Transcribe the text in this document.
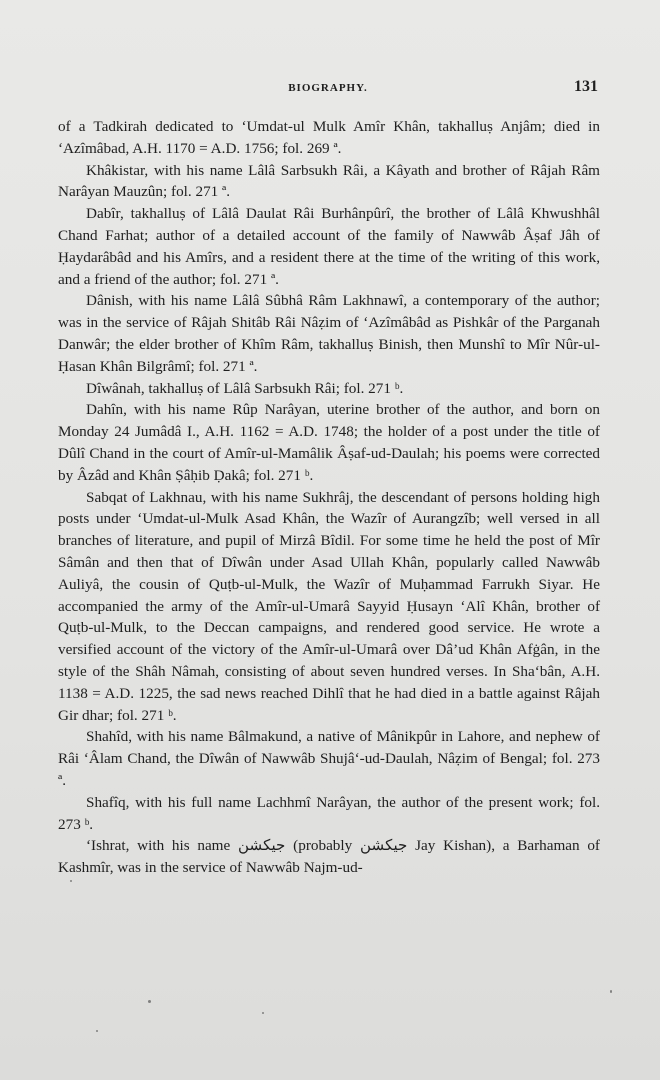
BIOGRAPHY.	131

of a Tadkirah dedicated to ‘Umdat-ul Mulk Amîr Khân, takhalluṣ Anjâm; died in ‘Azîmâbad, A.H. 1170 = A.D. 1756; fol. 269 ª.

Khâkistar, with his name Lâlâ Sarbsukh Râi, a Kâyath and brother of Râjah Râm Narâyan Mauzûn; fol. 271 ª.

Dabîr, takhalluṣ of Lâlâ Daulat Râi Burhânpûrî, the brother of Lâlâ Khwushhâl Chand Farhat; author of a detailed account of the family of Nawwâb Âṣaf Jâh of Ḥaydarâbâd and his Amîrs, and a resident there at the time of the writing of this work, and a friend of the author; fol. 271 ª.

Dânish, with his name Lâlâ Sûbhâ Râm Lakhnawî, a contemporary of the author; was in the service of Râjah Shitâb Râi Nâẓim of ‘Azîmâbâd as Pishkâr of the Parganah Danwâr; the elder brother of Khîm Râm, takhalluṣ Binish, then Munshî to Mîr Nûr-ul-Ḥasan Khân Bilgrâmî; fol. 271 ª.

Dîwânah, takhalluṣ of Lâlâ Sarbsukh Râi; fol. 271 ᵇ.

Dahîn, with his name Rûp Narâyan, uterine brother of the author, and born on Monday 24 Jumâdâ I., A.H. 1162 = A.D. 1748; the holder of a post under the title of Dûlî Chand in the court of Amîr-ul-Mamâlik Âṣaf-ud-Daulah; his poems were corrected by Âzâd and Khân Ṣâḥib Ḍakâ; fol. 271 ᵇ.

Sabqat of Lakhnau, with his name Sukhrâj, the descendant of persons holding high posts under ‘Umdat-ul-Mulk Asad Khân, the Wazîr of Aurangzîb; well versed in all branches of literature, and pupil of Mirzâ Bîdil. For some time he held the post of Mîr Sâmân and then that of Dîwân under Asad Ullah Khân, popularly called Nawwâb Auliyâ, the cousin of Quṭb-ul-Mulk, the Wazîr of Muḥammad Farrukh Siyar. He accompanied the army of the Amîr-ul-Umarâ Sayyid Ḥusayn ‘Alî Khân, brother of Quṭb-ul-Mulk, to the Deccan campaigns, and rendered good service. He wrote a versified account of the victory of the Amîr-ul-Umarâ over Dâ’ud Khân Afġân, in the style of the Shâh Nâmah, consisting of about seven hundred verses. In Sha‘bân, A.H. 1138 = A.D. 1225, the sad news reached Dihlî that he had died in a battle against Râjah Gir dhar; fol. 271 ᵇ.

Shahîd, with his name Bâlmakund, a native of Mânikpûr in Lahore, and nephew of Râi ‘Âlam Chand, the Dîwân of Nawwâb Shujâ‘-ud-Daulah, Nâẓim of Bengal; fol. 273 ª.

Shafîq, with his full name Lachhmî Narâyan, the author of the present work; fol. 273 ᵇ.

‘Ishrat, with his name جیکشن (probably جیکشن Jay Kishan), a Barhaman of Kashmîr, was in the service of Nawwâb Najm-ud-
